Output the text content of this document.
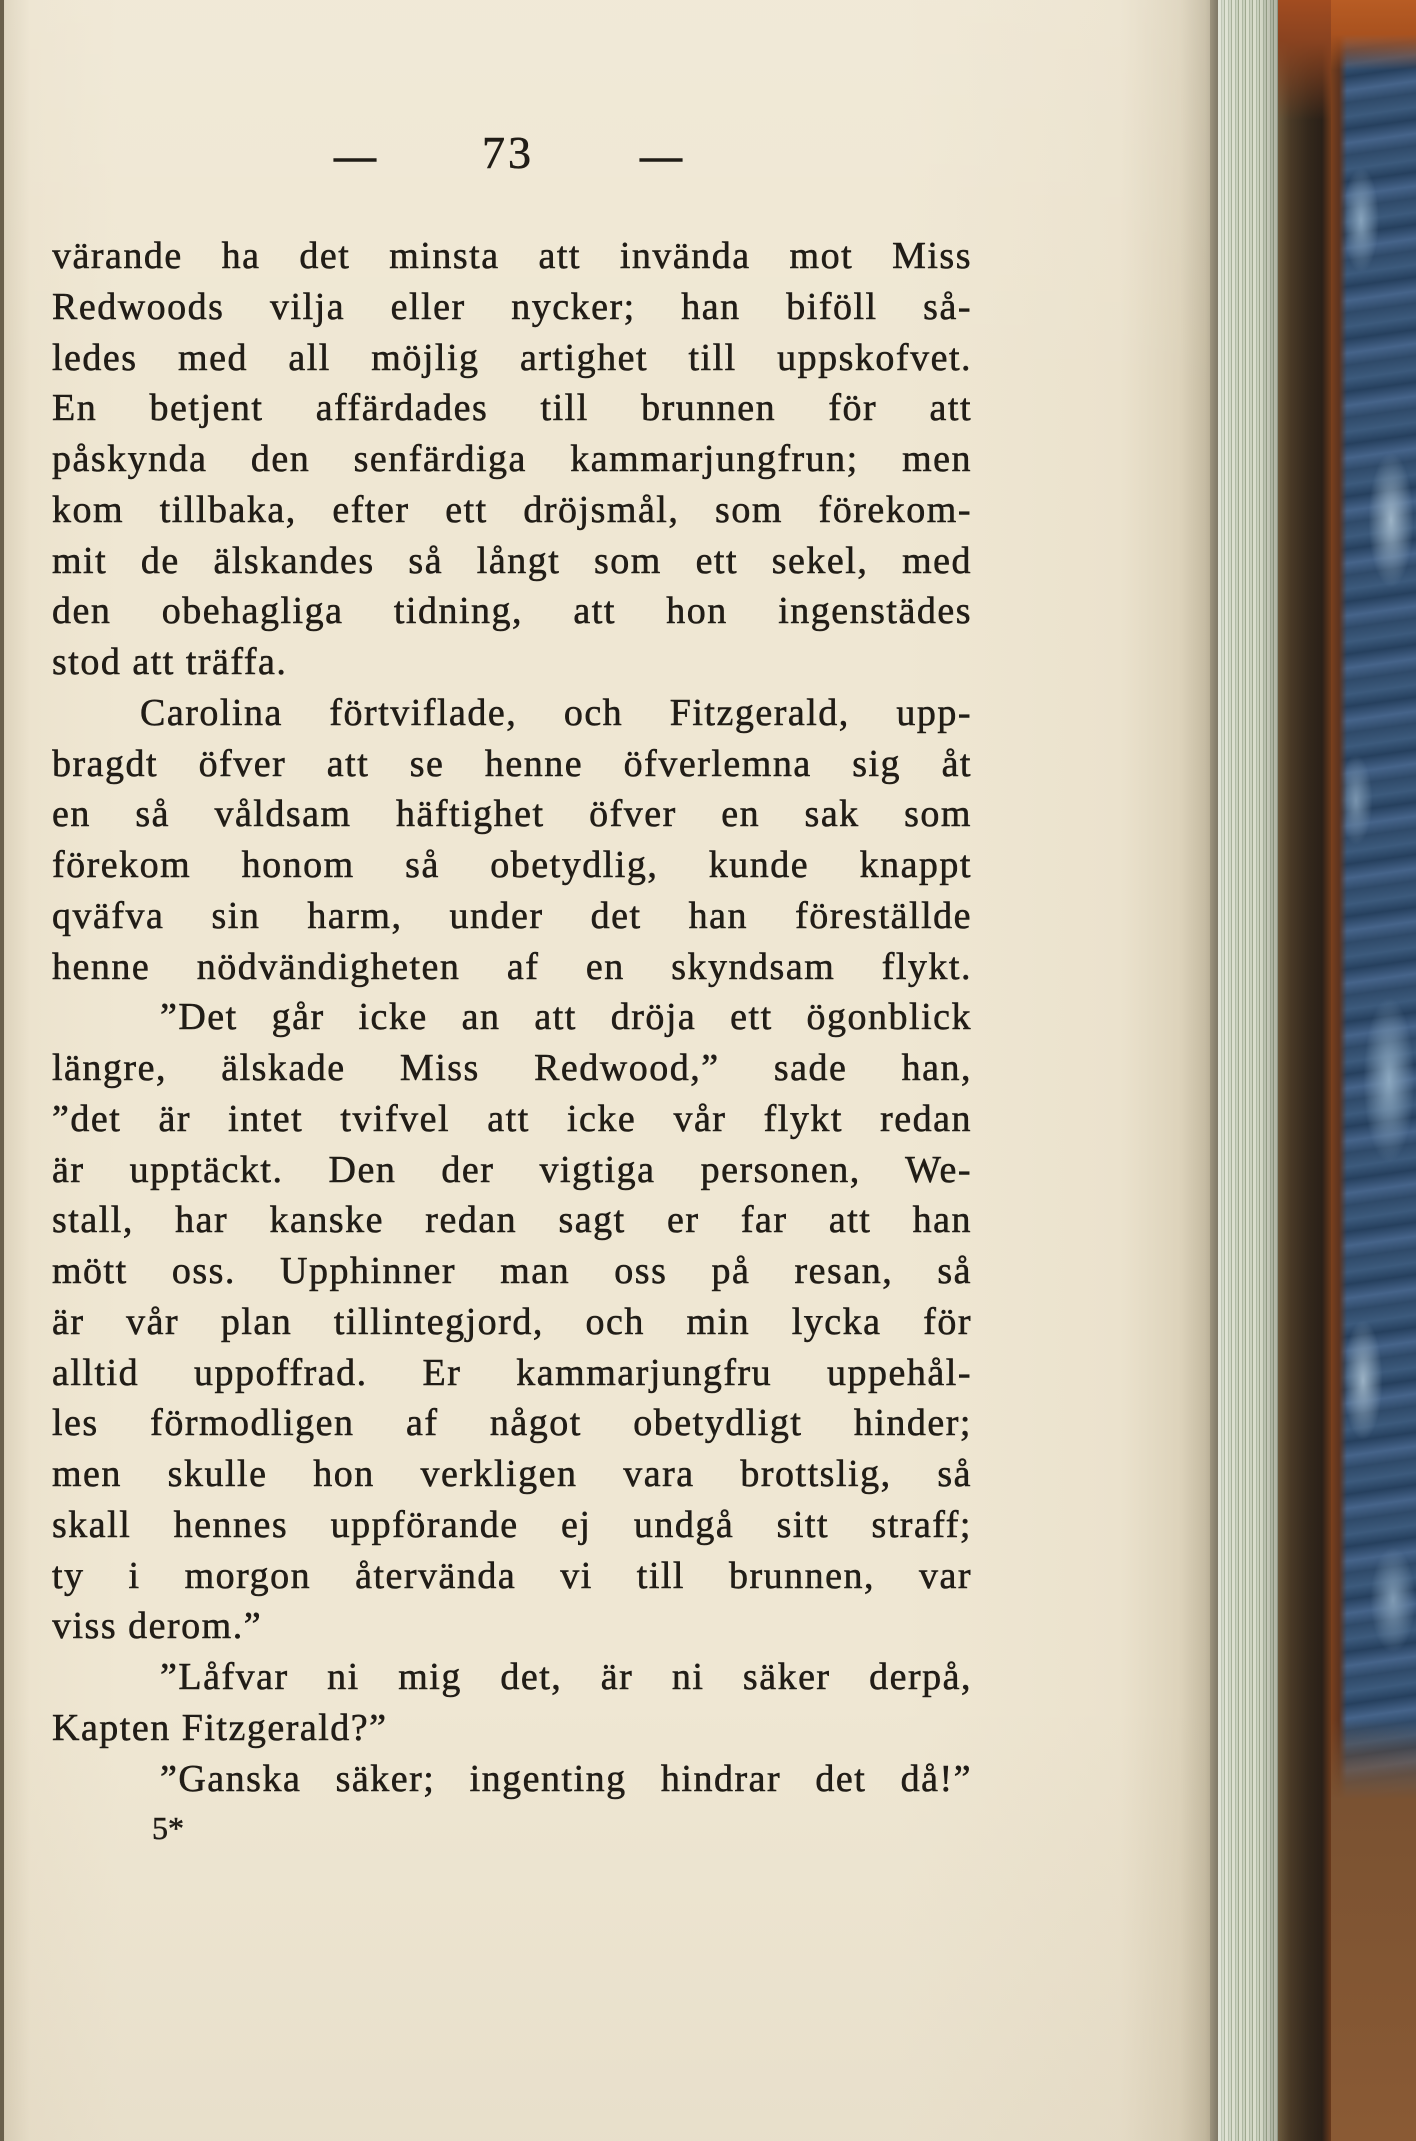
— 73	—
värande ha det minsta att invända mot Miss
Redwoods vilja eller nycker; han biföll så-
ledes med all möjlig artighet till uppskofvet.
En betjent affärdades till brunnen för att
påskynda den senfärdiga kammarjungfrun; men
kom tillbaka, efter ett dröjsmål, som förekom-
mit de älskandes så långt som ett sekel, med
den obehagliga tidning, att hon ingenstädes
stod att träffa.
Carolina förtviflade, och Fitzgerald, upp-
bragdt öfver att se henne öfverlemna sig åt
en så våldsam häftighet öfver en sak som
förekom honom så obetydlig, kunde knappt
qväfva sin harm, under det han föreställde
henne nödvändigheten af en skyndsam flykt.
”Det går icke an att dröja ett ögonblick
längre, älskade Miss Redwood,” sade han,
”det är intet tvifvel att icke vår flykt redan
är upptäckt. Den der vigtiga personen, We-
stall, har kanske redan sagt er far att han
mött oss. Upphinner man oss på resan, så
är vår plan tillintegjord, och min lycka för
alltid uppoffrad. Er kammarjungfru uppehål-
les förmodligen af något obetydligt hinder;
men skulle hon verkligen vara brottslig, så
skall hennes uppförande ej undgå sitt straff;
ty i morgon återvända vi till brunnen, var
viss derom.”
”Låfvar ni mig det, är ni säker derpå,
Kapten Fitzgerald?”
”Ganska säker; ingenting hindrar det då!”
5*
